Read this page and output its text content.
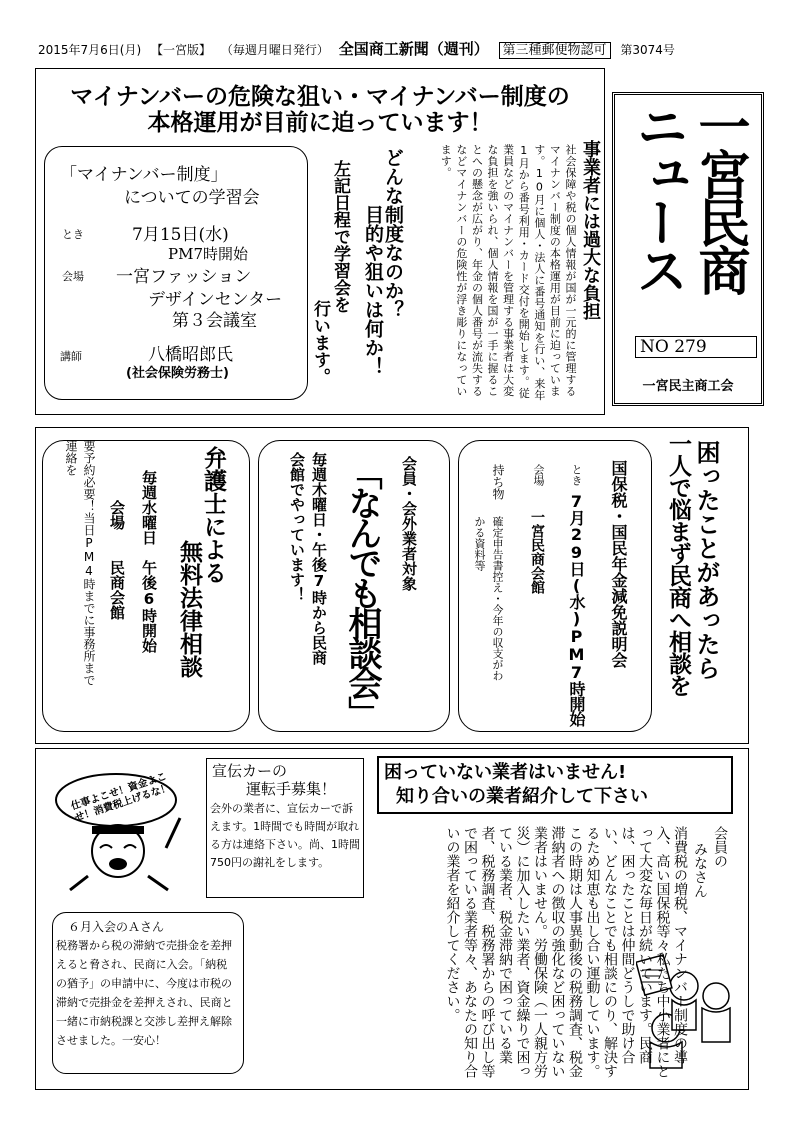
2015年7月6日(月) 【一宮版】 （毎週月曜日発行） 全国商工新聞（週刊） 第三種郵便物認可 第3074号
マイナンバーの危険な狙い・マイナンバー制度の
本格運用が目前に迫っています！
事業者には過大な負担
社会保障や税の個人情報が国が一元的に管理するマイナンバー制度の本格運用が目前に迫っています。10月に個人・法人に番号通知を行い、来年1月から番号利用・カード交付を開始します。従業員などのマイナンバーを管理する事業者は大変な負担を強いられ、個人情報を国が一手に握ることへの懸念が広がり、年金の個人番号が流失するなどマイナンバーの危険性が浮き彫りになっています。
どんな制度なのか？
目的や狙いは何か！
左記日程で学習会を
行います。
「マイナンバー制度」
についての学習会
とき	7月15日(水)
PM7時開始
会場 一宮ファッション
デザインセンター
第３会議室
講師	八橋昭郎氏
(社会保険労務士)
一宮民商ニュース
NO 279
一宮民主商工会
困ったことがあったら
一人で悩まず民商へ相談を
国保税・国民年金減免説明会
とき
7月29日(水)PM7時開始
会場
一宮民商会館
持ち物
確定申告書控え・今年の収支がわ
かる資料等
会員・会外業者対象
「なんでも相談会」
毎週木曜日・午後7時から民商
会館でやっています！
弁護士による
無料法律相談
毎週水曜日　午後6時開始
会場　　民商会館
要予約必要！当日PM4時までに事務所まで
連絡を
仕事よこせ！資金よこせ！消費税上げるな！
宣伝カーの
運転手募集！
会外の業者に、宣伝カーで訴えます。1時間でも時間が取れる方は連絡下さい。尚、1時間750円の謝礼をします。
６月入会のＡさん
税務署から税の滞納で売掛金を差押えると脅され、民商に入会。「納税の猶予」の申請中に、今度は市税の滞納で売掛金を差押えされ、民商と一緒に市納税課と交渉し差押え解除させました。一安心！
困っていない業者はいません!
知り合いの業者紹介して下さい
会員の
みなさん
消費税の増税、マイナンバー制度の導入、高い国保税等々私たち中小業者にとって大変な毎日が続いています。民商は、困ったことは仲間どうしで助け合い、どんなことでも相談にのり、解決するため知恵も出し合い運動しています。この時期は人事異動後の税務調査、税金滞納者への徴収の強化など困っていない業者はいません。労働保険（一人親方労災）に加入したい業者、資金繰りで困っている業者、税金滞納で困っている業者、税務調査、税務署からの呼び出し等で困っている業者等々、あなたの知り合いの業者を紹介してください。
